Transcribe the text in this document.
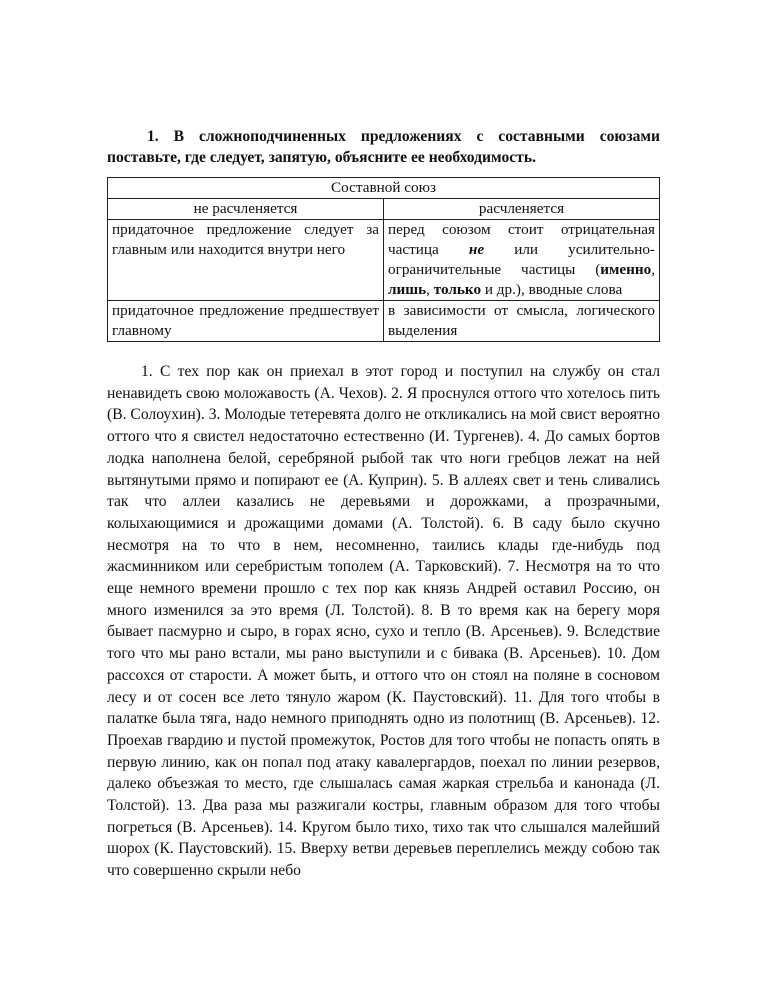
1. В сложноподчиненных предложениях с составными союзами поставьте, где следует, запятую, объясните ее необходимость.

Составной союз	
не расчленяется	расчленяется
придаточное предложение следует за главным или находится внутри него	перед союзом стоит отрицательная частица не или усилительно-ограничительные частицы (именно, лишь, только и др.), вводные слова
придаточное предложение предшествует главному	в зависимости от смысла, логического выделения

1. С тех пор как он приехал в этот город и поступил на службу он стал ненавидеть свою моложавость (А. Чехов). 2. Я проснулся оттого что хотелось пить (В. Солоухин). 3. Молодые тетеревята долго не откликались на мой свист вероятно оттого что я свистел недостаточно естественно (И. Тургенев). 4. До самых бортов лодка наполнена белой, серебряной рыбой так что ноги гребцов лежат на ней вытянутыми прямо и попирают ее (А. Куприн). 5. В аллеях свет и тень сливались так что аллеи казались не деревьями и дорожками, а прозрачными, колыхающимися и дрожащими домами (А. Толстой). 6. В саду было скучно несмотря на то что в нем, несомненно, таились клады где-нибудь под жасминником или серебристым тополем (А. Тарковский). 7. Несмотря на то что еще немного времени прошло с тех пор как князь Андрей оставил Россию, он много изменился за это время (Л. Толстой). 8. В то время как на берегу моря бывает пасмурно и сыро, в горах ясно, сухо и тепло (В. Арсеньев). 9. Вследствие того что мы рано встали, мы рано выступили и с бивака (В. Арсеньев). 10. Дом рассохся от старости. А может быть, и оттого что он стоял на поляне в сосновом лесу и от сосен все лето тянуло жаром (К. Паустовский). 11. Для того чтобы в палатке была тяга, надо немного приподнять одно из полотнищ (В. Арсеньев). 12. Проехав гвардию и пустой промежуток, Ростов для того чтобы не попасть опять в первую линию, как он попал под атаку кавалергардов, поехал по линии резервов, далеко объезжая то место, где слышалась самая жаркая стрельба и канонада (Л. Толстой). 13. Два раза мы разжигали костры, главным образом для того чтобы погреться (В. Арсеньев). 14. Кругом было тихо, тихо так что слышался малейший шорох (К. Паустовский). 15. Вверху ветви деревьев переплелись между собою так что совершенно скрыли небо
